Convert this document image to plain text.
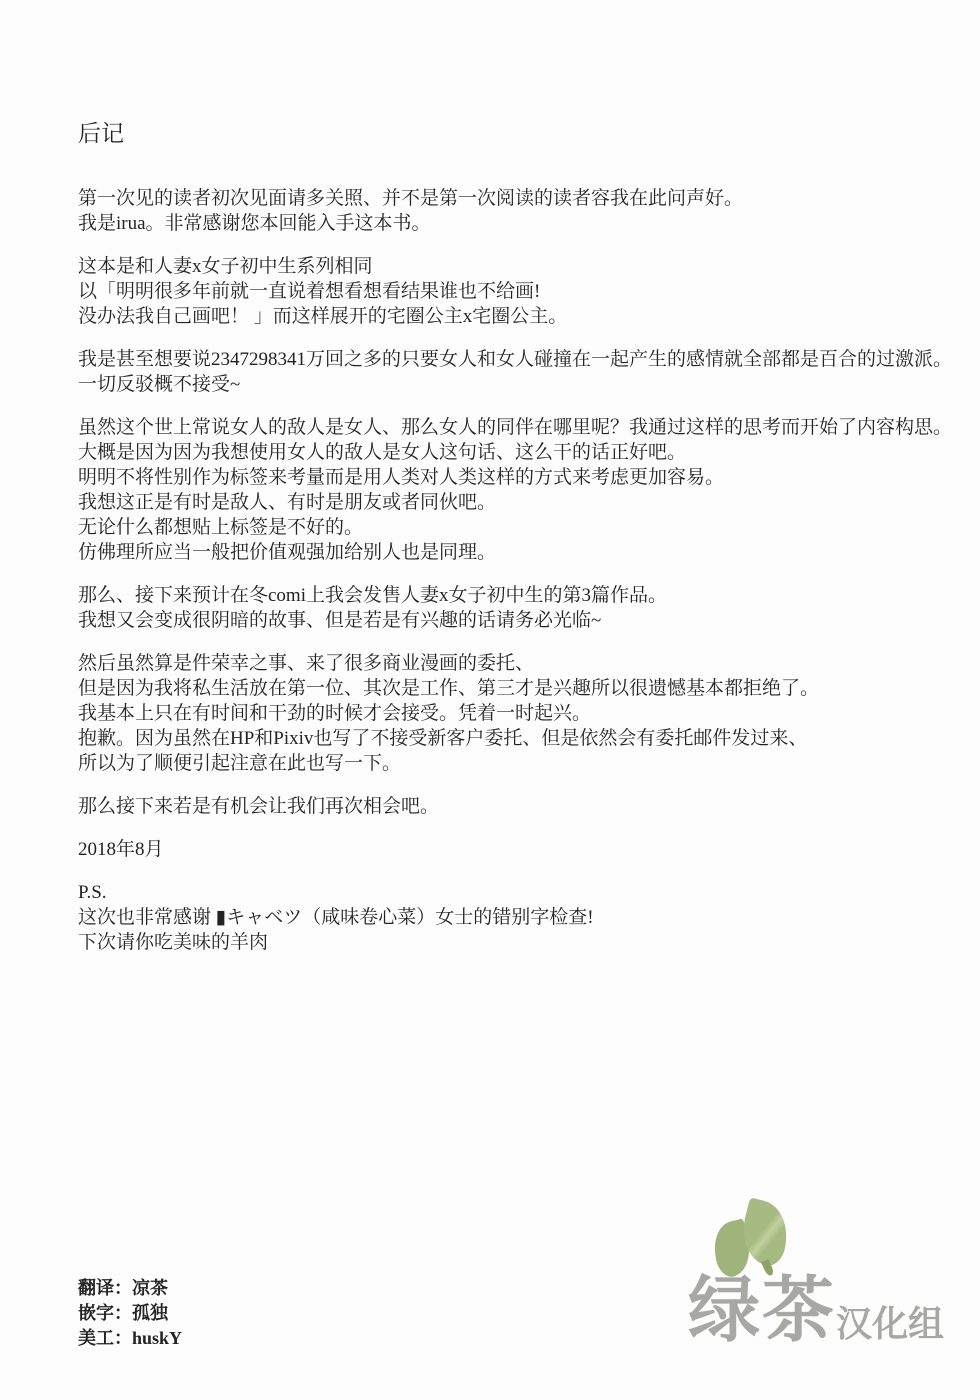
后记
第一次见的读者初次见面请多关照、并不是第一次阅读的读者容我在此问声好。
我是irua。非常感谢您本回能入手这本书。
这本是和人妻x女子初中生系列相同
以「明明很多年前就一直说着想看想看结果谁也不给画!
没办法我自己画吧！ 」而这样展开的宅圈公主x宅圈公主。
我是甚至想要说2347298341万回之多的只要女人和女人碰撞在一起产生的感情就全部都是百合的过激派。
一切反驳概不接受~
虽然这个世上常说女人的敌人是女人、那么女人的同伴在哪里呢？我通过这样的思考而开始了内容构思。
大概是因为因为我想使用女人的敌人是女人这句话、这么干的话正好吧。
明明不将性别作为标签来考量而是用人类对人类这样的方式来考虑更加容易。
我想这正是有时是敌人、有时是朋友或者同伙吧。
无论什么都想贴上标签是不好的。
仿佛理所应当一般把价值观强加给别人也是同理。
那么、接下来预计在冬comi上我会发售人妻x女子初中生的第3篇作品。
我想又会变成很阴暗的故事、但是若是有兴趣的话请务必光临~
然后虽然算是件荣幸之事、来了很多商业漫画的委托、
但是因为我将私生活放在第一位、其次是工作、第三才是兴趣所以很遗憾基本都拒绝了。
我基本上只在有时间和干劲的时候才会接受。凭着一时起兴。
抱歉。因为虽然在HP和Pixiv也写了不接受新客户委托、但是依然会有委托邮件发过来、
所以为了顺便引起注意在此也写一下。
那么接下来若是有机会让我们再次相会吧。
2018年8月
P.S.
这次也非常感谢 ▮キャベツ（咸味卷心菜）女士的错别字检查!
下次请你吃美味的羊肉
翻译：凉茶
嵌字：孤独
美工：huskY	绿茶 汉化组
